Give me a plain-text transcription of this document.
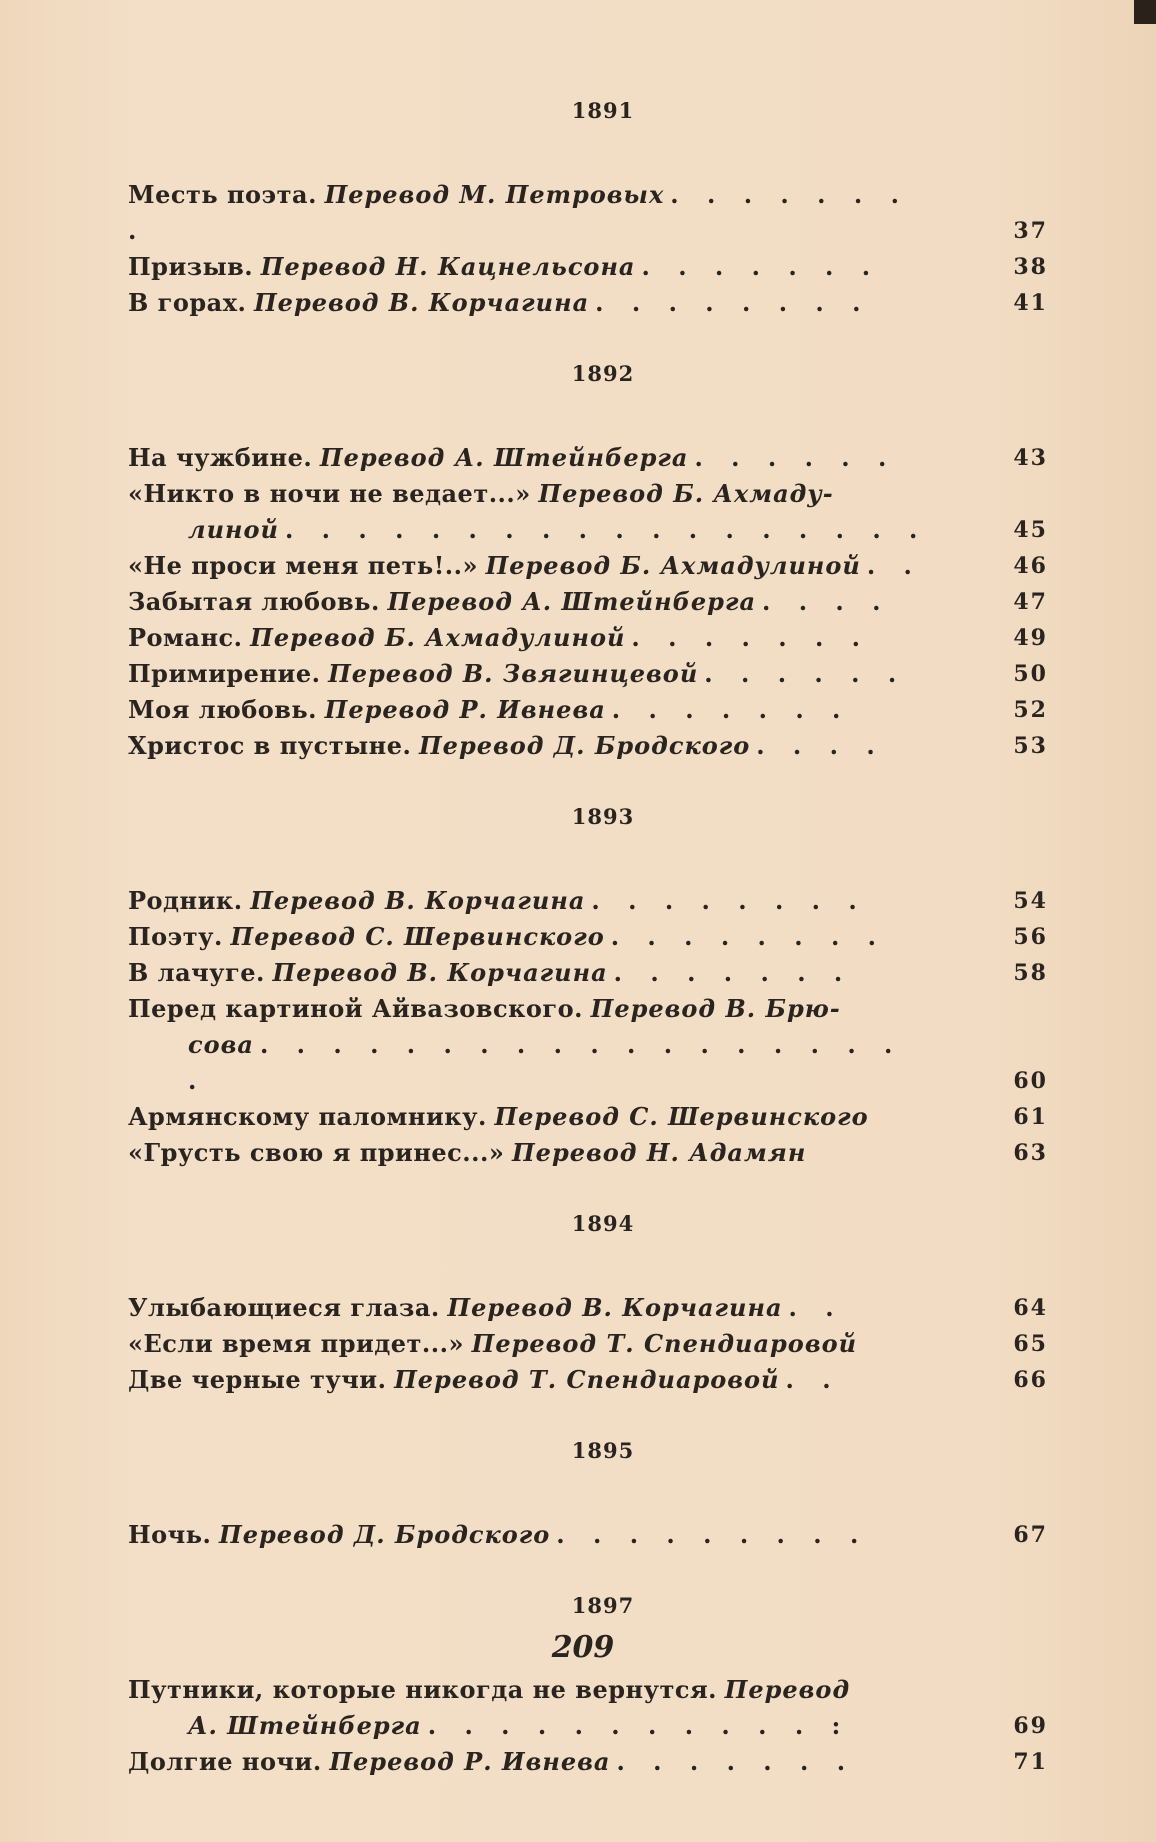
1891
Месть поэта. Перевод М. Петровых . . . . . . . .	37
Призыв. Перевод Н. Кацнельсона . . . . . . .	38
В горах. Перевод В. Корчагина . . . . . . . .	41
1892
На чужбине. Перевод А. Штейнберга . . . . . .	43
«Никто в ночи не ведает...» Перевод Б. Ахмаду-
линой . . . . . . . . . . . . . . . . . .	45
«Не проси меня петь!..» Перевод Б. Ахмадулиной . .	46
Забытая любовь. Перевод А. Штейнберга . . . .	47
Романс. Перевод Б. Ахмадулиной . . . . . . .	49
Примирение. Перевод В. Звягинцевой . . . . . .	50
Моя любовь. Перевод Р. Ивнева . . . . . . .	52
Христос в пустыне. Перевод Д. Бродского . . . .	53
1893
Родник. Перевод В. Корчагина . . . . . . . .	54
Поэту. Перевод С. Шервинского . . . . . . . .	56
В лачуге. Перевод В. Корчагина . . . . . . .	58
Перед картиной Айвазовского. Перевод В. Брю-
сова . . . . . . . . . . . . . . . . . . .	60
Армянскому паломнику. Перевод С. Шервинского	61
«Грусть свою я принес...» Перевод Н. Адамян	63
1894
Улыбающиеся глаза. Перевод В. Корчагина . .	64
«Если время придет...» Перевод Т. Спендиаровой	65
Две черные тучи. Перевод Т. Спендиаровой . .	66
1895
Ночь. Перевод Д. Бродского . . . . . . . . .	67
1897
Путники, которые никогда не вернутся. Перевод
А. Штейнберга . . . . . . . . . . . :	69
Долгие ночи. Перевод Р. Ивнева . . . . . . .	71
209
